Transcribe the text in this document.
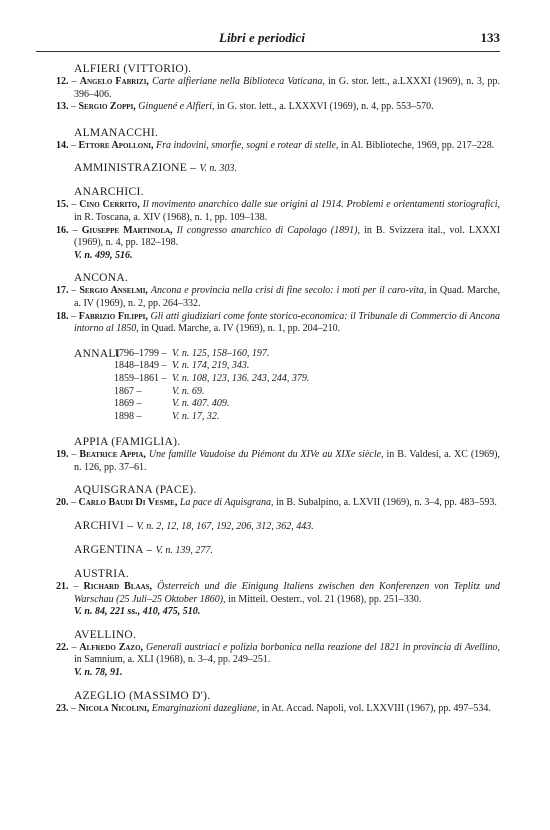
Libri e periodici	133
ALFIERI (VITTORIO).
12. – Angelo Fabrizi, Carte alfieriane nella Biblioteca Vaticana, in G. stor. lett., a.LXXXI (1969), n. 3, pp. 396–406.
13. – Sergio Zoppi, Ginguené e Alfieri, in G. stor. lett., a. LXXXVI (1969), n. 4, pp. 553–570.
ALMANACCHI.
14. – Ettore Apolloni, Fra indovini, smorfie, sogni e rotear di stelle, in Al. Biblioteche, 1969, pp. 217–228.
AMMINISTRAZIONE – V. n. 303.
ANARCHICI.
15. – Cino Cerrito, Il movimento anarchico dalle sue origini al 1914. Problemi e orientamenti storiografici, in R. Toscana, a. XIV (1968), n. 1, pp. 109–138.
16. – Giuseppe Martinola, Il congresso anarchico di Capolago (1891), in B. Svizzera ital., vol. LXXXI (1969), n. 4, pp. 182–198.
V. n. 499, 516.
ANCONA.
17. – Sergio Anselmi, Ancona e provincia nella crisi di fine secolo: i moti per il caro-vita, in Quad. Marche, a. IV (1969), n. 2, pp. 264–332.
18. – Fabrizio Filippi, Gli atti giudiziari come fonte storico-economica: il Tribunale di Commercio di Ancona intorno al 1850, in Quad. Marche, a. IV (1969), n. 1, pp. 204–210.
ANNALI
1796–1799 – V. n. 125, 158–160, 197.
1848–1849 – V. n. 174, 219, 343.
1859–1861 – V. n. 108, 123, 136. 243, 244, 379.
1867 –	V. n. 69.
1869 –	V. n. 407. 409.
1898 –	V. n. 17, 32.
APPIA (FAMIGLIA).
19. – Beatrice Appia, Une famille Vaudoise du Piémont du XIVe au XIXe siècle, in B. Valdesi, a. XC (1969), n. 126, pp. 37–61.
AQUISGRANA (PACE).
20. – Carlo Baudi Di Vesme, La pace di Aquisgrana, in B. Subalpino, a. LXVII (1969), n. 3–4, pp. 483–593.
ARCHIVI – V. n. 2, 12, 18, 167, 192, 206, 312, 362, 443.
ARGENTINA – V. n. 139, 277.
AUSTRIA.
21. – Richard Blaas, Österreich und die Einigung Italiens zwischen den Konferenzen von Teplitz und Warschau (25 Juli–25 Oktober 1860), in Mitteil. Oesterr., vol. 21 (1968), pp. 251–330.
V. n. 84, 221 ss., 410, 475, 510.
AVELLINO.
22. – Alfredo Zazo, Generali austriaci e polizia borbonica nella reazione del 1821 in provincia di Avellino, in Samnium, a. XLI (1968), n. 3–4, pp. 249–251.
V. n. 78, 91.
AZEGLIO (MASSIMO D').
23. – Nicola Nicolini, Emarginazioni dazegliane, in At. Accad. Napoli, vol. LXXVIII (1967), pp. 497–534.
